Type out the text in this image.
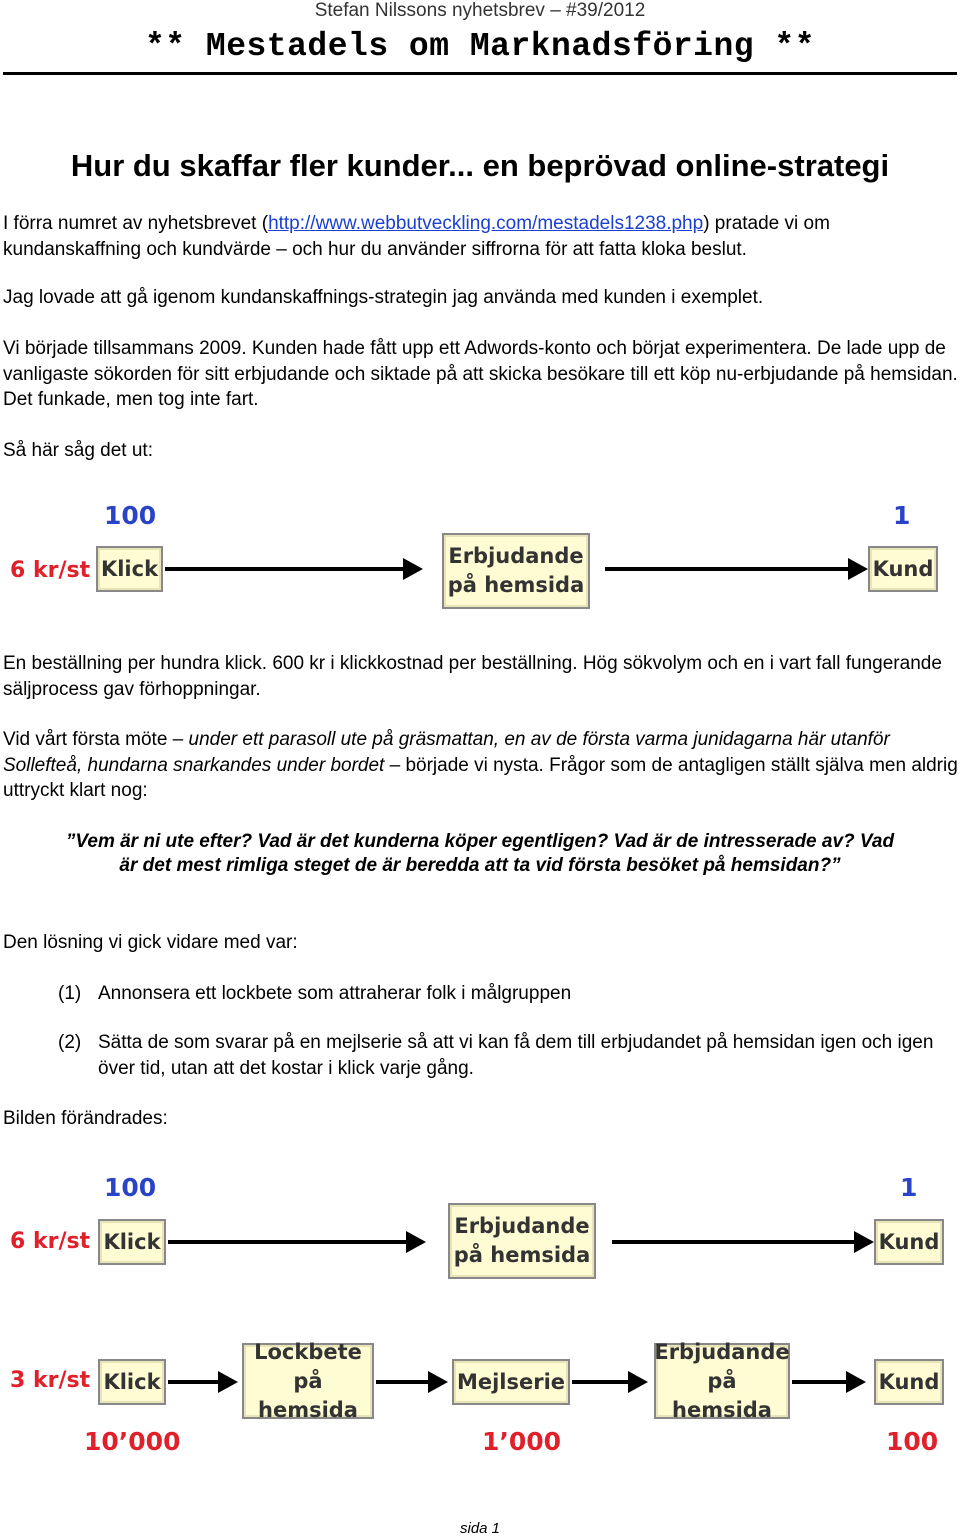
Stefan Nilssons nyhetsbrev – #39/2012
** Mestadels om Marknadsföring **
Hur du skaffar fler kunder... en beprövad online-strategi
I förra numret av nyhetsbrevet (http://www.webbutveckling.com/mestadels1238.php) pratade vi om kundanskaffning och kundvärde – och hur du använder siffrorna för att fatta kloka beslut.
Jag lovade att gå igenom kundanskaffnings-strategin jag använda med kunden i exemplet.
Vi började tillsammans 2009. Kunden hade fått upp ett Adwords-konto och börjat experimentera. De lade upp de vanligaste sökorden för sitt erbjudande och siktade på att skicka besökare till ett köp nu-erbjudande på hemsidan. Det funkade, men tog inte fart.
Så här såg det ut:
100	1
6 kr/st Klick
Erbjudande
på hemsida
Kund
En beställning per hundra klick. 600 kr i klickkostnad per beställning. Hög sökvolym och en i vart fall fungerande säljprocess gav förhoppningar.
Vid vårt första möte – under ett parasoll ute på gräsmattan, en av de första varma junidagarna här utanför Sollefteå, hundarna snarkandes under bordet – började vi nysta. Frågor som de antagligen ställt själva men aldrig uttryckt klart nog:
”Vem är ni ute efter? Vad är det kunderna köper egentligen? Vad är de intresserade av? Vad är det mest rimliga steget de är beredda att ta vid första besöket på hemsidan?”
Den lösning vi gick vidare med var:
(1) Annonsera ett lockbete som attraherar folk i målgruppen
(2) Sätta de som svarar på en mejlserie så att vi kan få dem till erbjudandet på hemsidan igen och igen över tid, utan att det kostar i klick varje gång.
Bilden förändrades:
100	1
6 kr/st Klick
Erbjudande
på hemsida
Kund
3 kr/st Klick
Lockbete
på hemsida
Mejlserie
Erbjudande
på hemsida
Kund
10’000	1’000	100
sida 1
